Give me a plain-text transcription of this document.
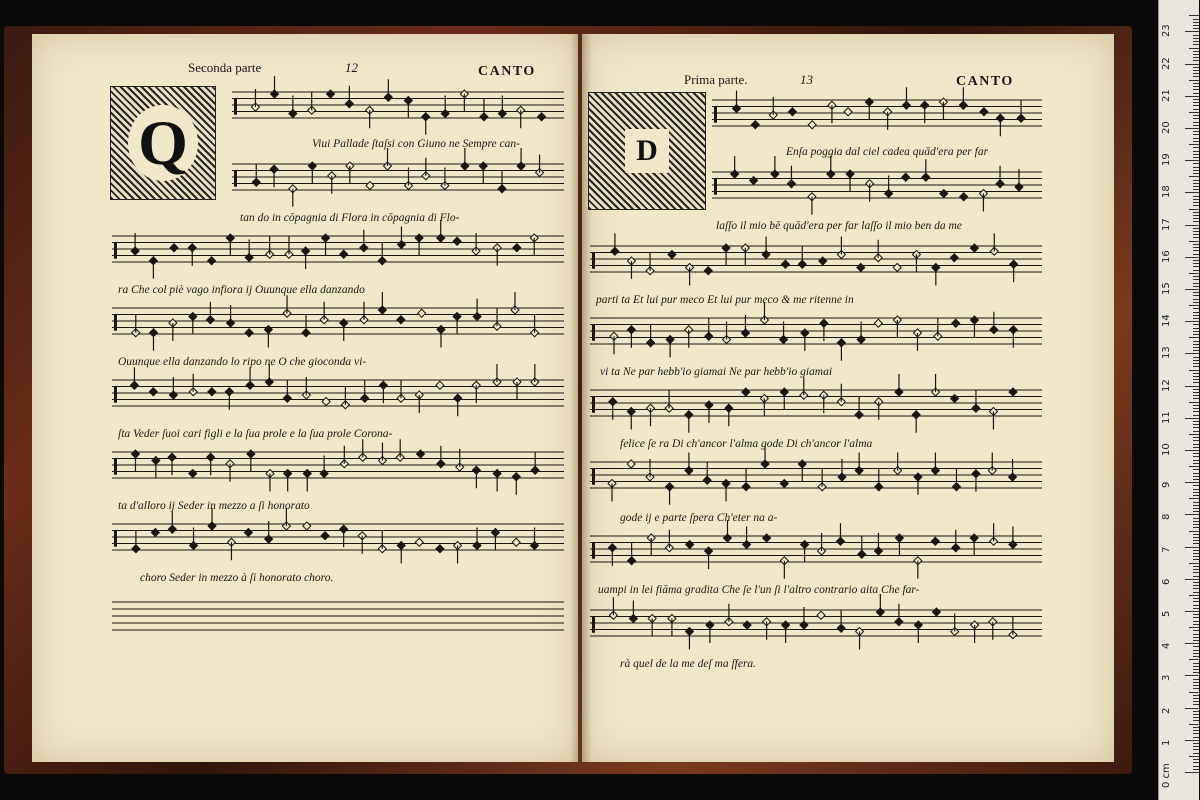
Seconda parte	12	CANTO
Q	Viui Pallade ſtaſsi con Giuno ne Sempre can-
tan do in cōpagnia di Flora in cōpagnia di Flo-
ra Che col piè vago infiora ij Ouunque ella danzando
Ouunque ella danzando lo ripo ne O che gioconda vi-
ſta Veder ſuoi cari figli e la ſua prole e la ſua prole Corona-
ta d'alloro ij Seder in mezzo a ſi honorato
choro Seder in mezzo à ſi honorato choro.
Prima parte.	13	CANTO
D	Enſa poggia dal ciel cadea quād'era per far
laſſo il mio bē quād'era per far laſſo il mio ben da me
parti ta Et lui pur meco Et lui pur meco & me ritenne in
vi ta Ne par hebb'io giamai Ne par hebb'io giamai
felice ſe ra Di ch'ancor l'alma gode Di ch'ancor l'alma
gode ij e parte ſpera Ch'eter na a-
uampi in lei fiāma gradita Che ſe l'un ſi l'altro contrario aita Che far-
rà quel de la me deſ ma ſfera.
0 cm
1
2
3
4
5
6
7
8
9
10
11
12
13
14
15
16
17
18
19
20
21
22
23
